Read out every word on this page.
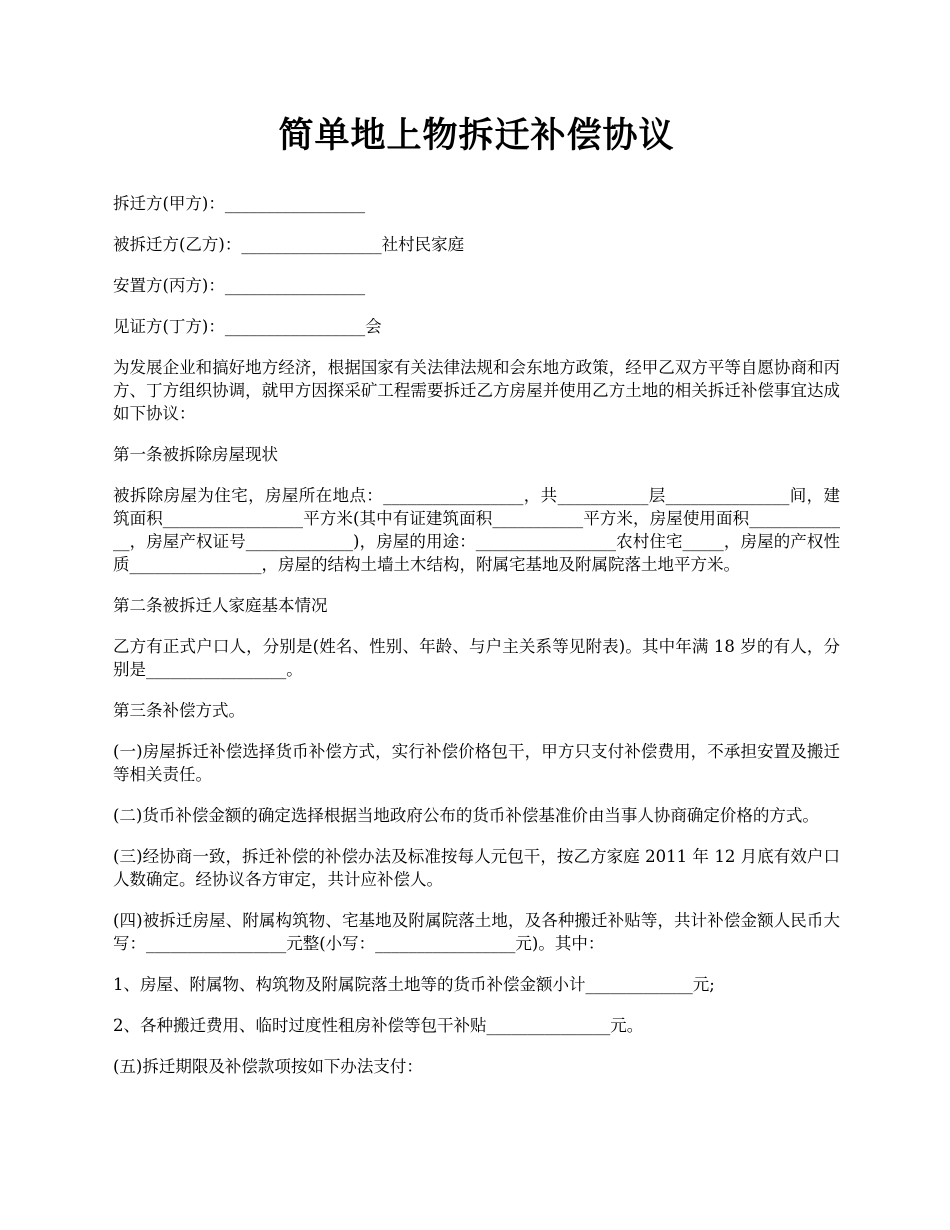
简单地上物拆迁补偿协议

拆迁方(甲方)：_________________

被拆迁方(乙方)：_________________社村民家庭

安置方(丙方)：_________________

见证方(丁方)：_________________会

为发展企业和搞好地方经济，根据国家有关法律法规和会东地方政策，经甲乙双方平等自愿协商和丙方、丁方组织协调，就甲方因探采矿工程需要拆迁乙方房屋并使用乙方土地的相关拆迁补偿事宜达成如下协议：

第一条被拆除房屋现状

被拆除房屋为住宅，房屋所在地点：_________________，共___________层_______________间，建筑面积_________________平方米(其中有证建筑面积___________平方米，房屋使用面积_____________，房屋产权证号_____________)，房屋的用途：_________________农村住宅_____，房屋的产权性质________________，房屋的结构土墙土木结构，附属宅基地及附属院落土地平方米。

第二条被拆迁人家庭基本情况

乙方有正式户口人，分别是(姓名、性别、年龄、与户主关系等见附表)。其中年满 18 岁的有人，分别是_________________。

第三条补偿方式。

(一)房屋拆迁补偿选择货币补偿方式，实行补偿价格包干，甲方只支付补偿费用，不承担安置及搬迁等相关责任。

(二)货币补偿金额的确定选择根据当地政府公布的货币补偿基准价由当事人协商确定价格的方式。

(三)经协商一致，拆迁补偿的补偿办法及标准按每人元包干，按乙方家庭 2011 年 12 月底有效户口人数确定。经协议各方审定，共计应补偿人。

(四)被拆迁房屋、附属构筑物、宅基地及附属院落土地，及各种搬迁补贴等，共计补偿金额人民币大写：_________________元整(小写：_________________元)。其中：

1、房屋、附属物、构筑物及附属院落土地等的货币补偿金额小计_____________元;

2、各种搬迁费用、临时过度性租房补偿等包干补贴_______________元。

(五)拆迁期限及补偿款项按如下办法支付：
